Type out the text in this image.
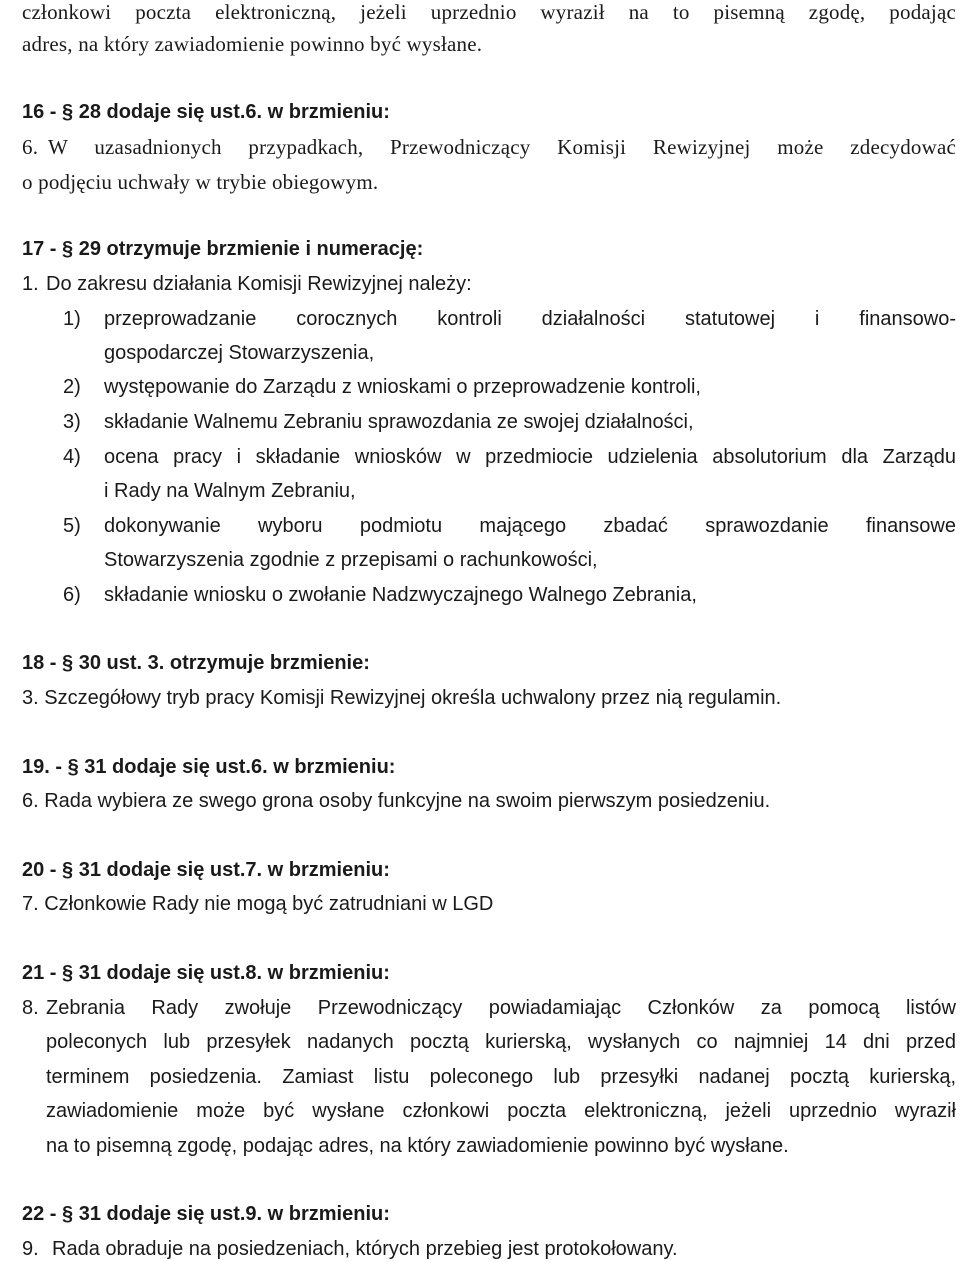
członkowi poczta elektroniczną, jeżeli uprzednio wyraził na to pisemną zgodę, podając
adres, na który zawiadomienie powinno być wysłane.
16 - § 28 dodaje się ust.6. w brzmieniu:
6. W uzasadnionych przypadkach, Przewodniczący Komisji Rewizyjnej może zdecydować
o podjęciu uchwały w trybie obiegowym.
17 - § 29 otrzymuje brzmienie i numerację:
1. Do zakresu działania Komisji Rewizyjnej należy:
1)	przeprowadzanie corocznych kontroli działalności statutowej i finansowo-
gospodarczej Stowarzyszenia,
2)	występowanie do Zarządu z wnioskami o przeprowadzenie kontroli,
3)	składanie Walnemu Zebraniu sprawozdania ze swojej działalności,
4)	ocena pracy i składanie wniosków w przedmiocie udzielenia absolutorium dla Zarządu
i Rady na Walnym Zebraniu,
5)	dokonywanie wyboru podmiotu mającego zbadać sprawozdanie finansowe
Stowarzyszenia zgodnie z przepisami o rachunkowości,
6)	składanie wniosku o zwołanie Nadzwyczajnego Walnego Zebrania,
18 - § 30 ust. 3. otrzymuje brzmienie:
3. Szczegółowy tryb pracy Komisji Rewizyjnej określa uchwalony przez nią regulamin.
19. - § 31 dodaje się ust.6. w brzmieniu:
6. Rada wybiera ze swego grona osoby funkcyjne na swoim pierwszym posiedzeniu.
20 - § 31 dodaje się ust.7. w brzmieniu:
7. Członkowie Rady nie mogą być zatrudniani w LGD
21 - § 31 dodaje się ust.8. w brzmieniu:
8. Zebrania Rady zwołuje Przewodniczący powiadamiając Członków za pomocą listów
poleconych lub przesyłek nadanych pocztą kurierską, wysłanych co najmniej 14 dni przed
terminem posiedzenia. Zamiast listu poleconego lub przesyłki nadanej pocztą kurierską,
zawiadomienie może być wysłane członkowi poczta elektroniczną, jeżeli uprzednio wyraził
na to pisemną zgodę, podając adres, na który zawiadomienie powinno być wysłane.
22 - § 31 dodaje się ust.9. w brzmieniu:
9. Rada obraduje na posiedzeniach, których przebieg jest protokołowany.
